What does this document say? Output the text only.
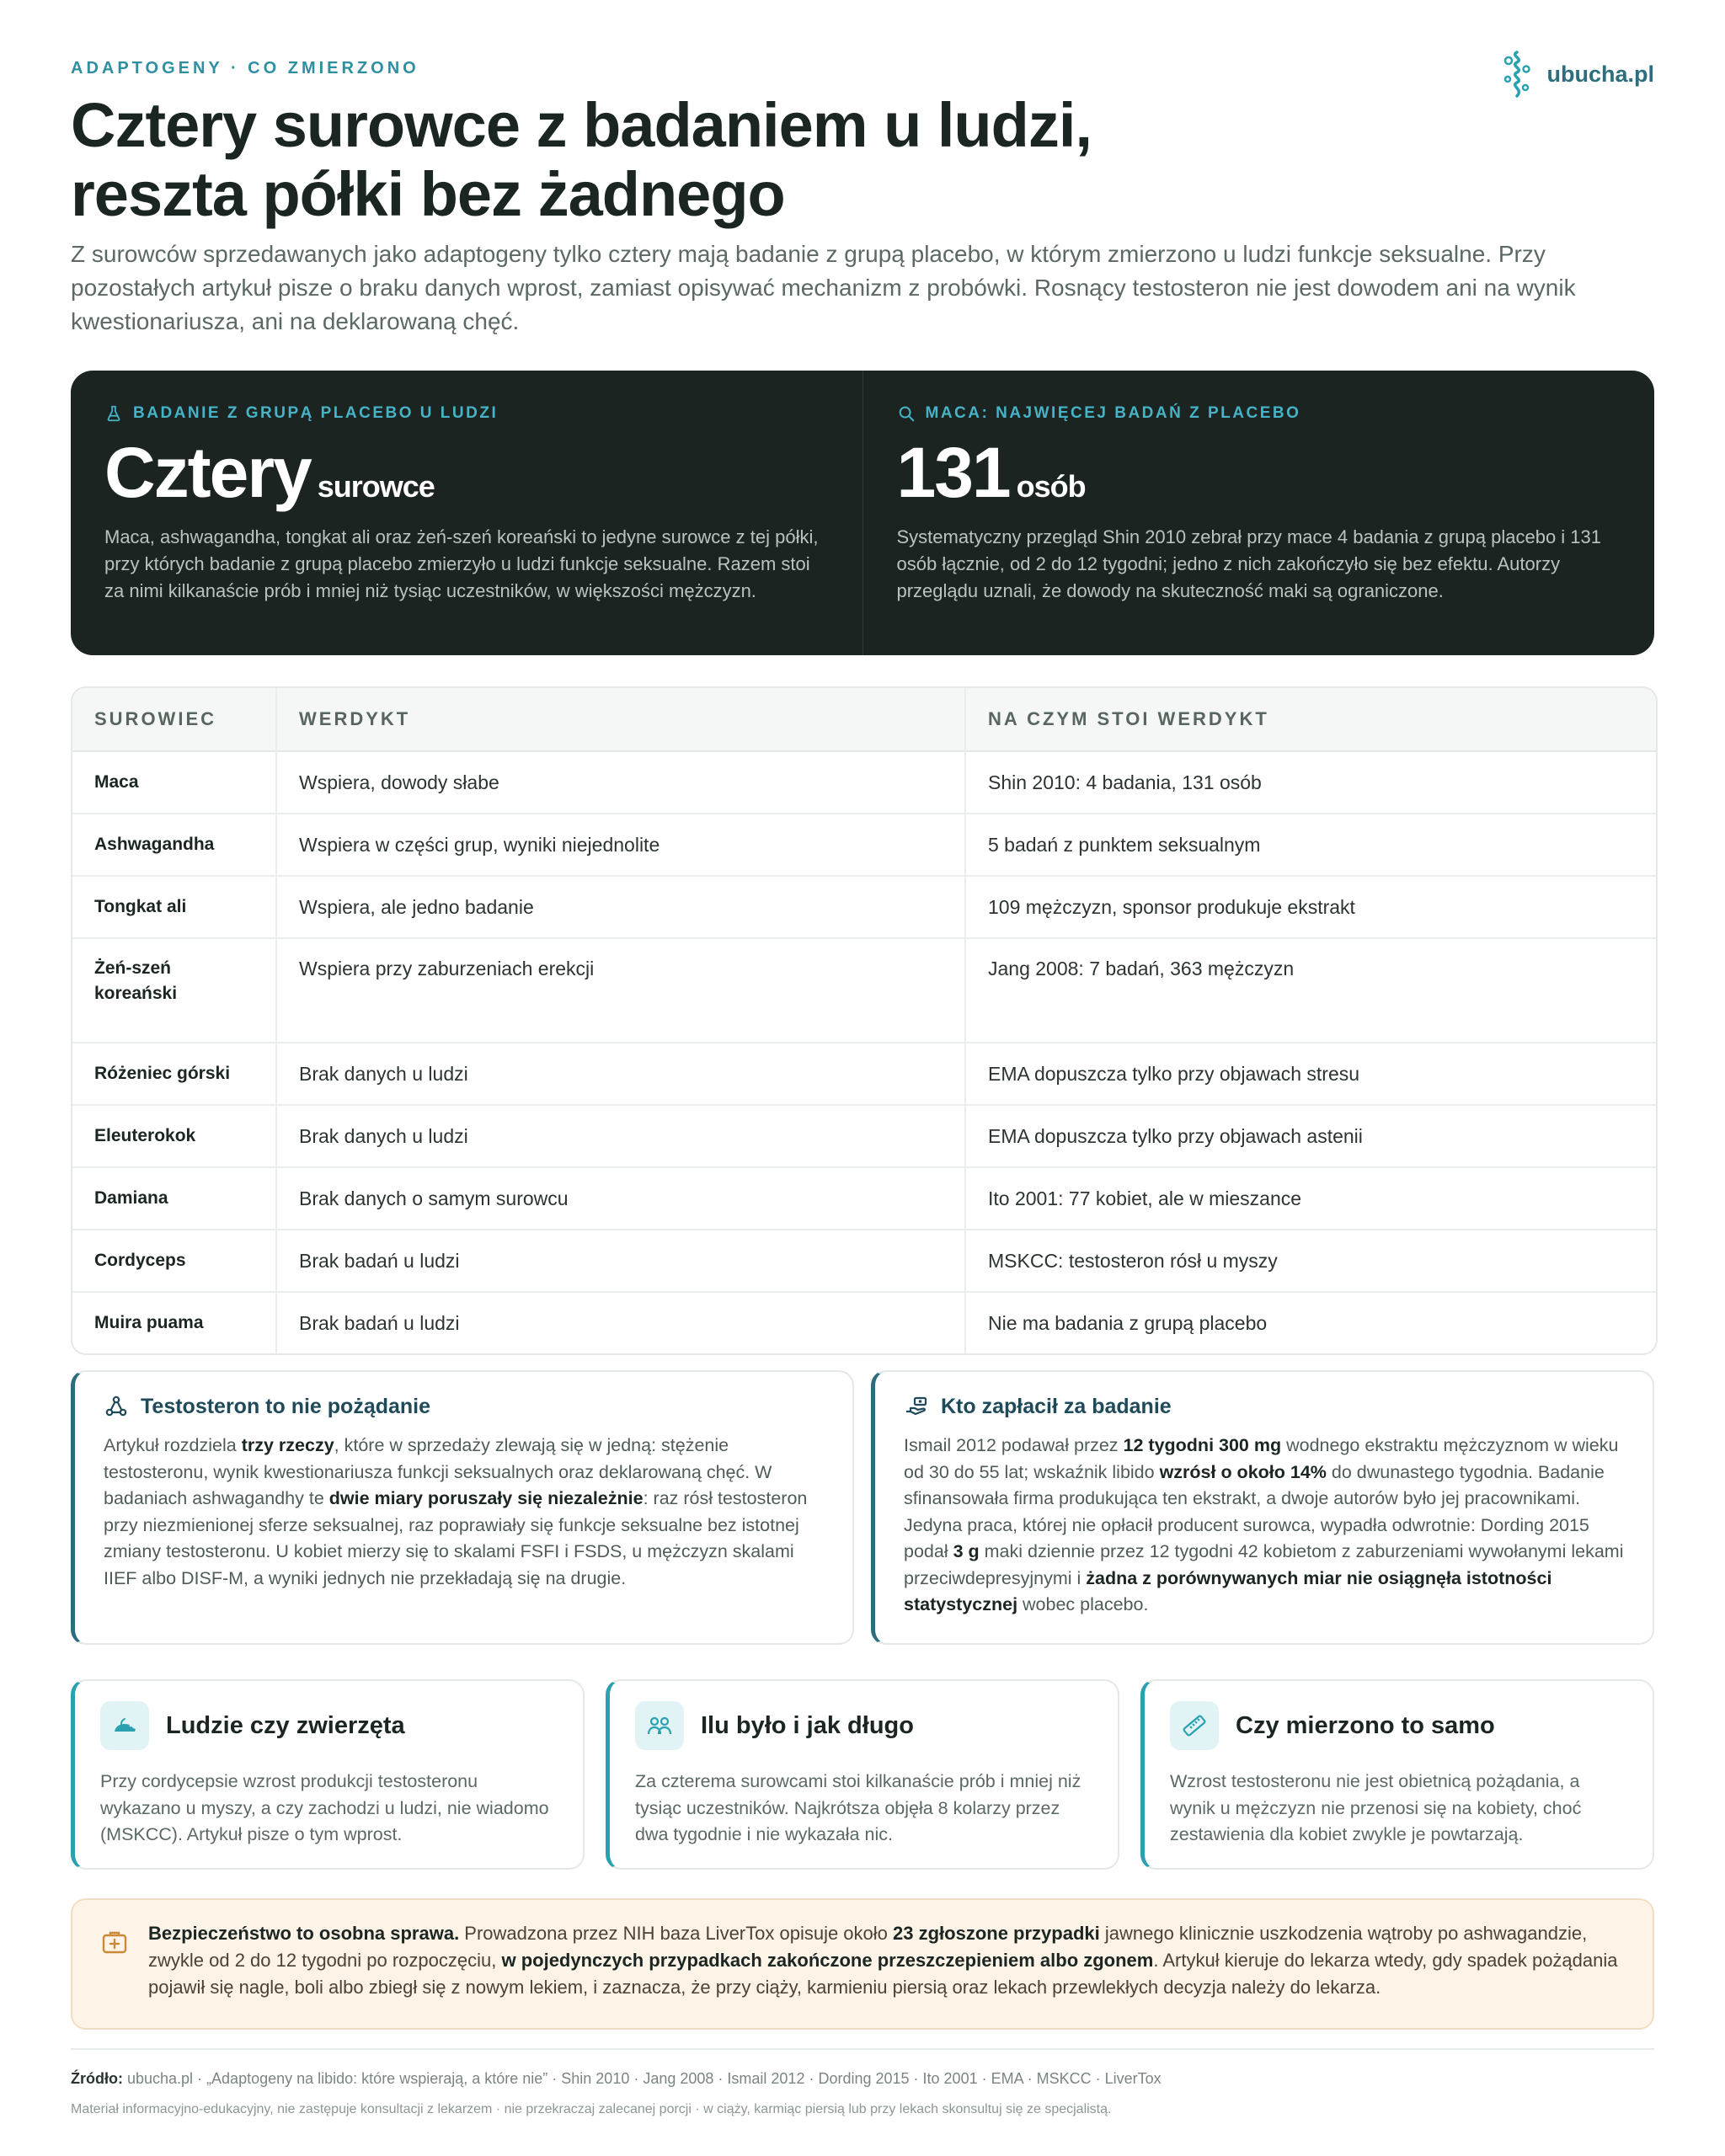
ADAPTOGENY · CO ZMIERZONO	ubucha.pl
Cztery surowce z badaniem u ludzi,
reszta półki bez żadnego

Z surowców sprzedawanych jako adaptogeny tylko cztery mają badanie z grupą placebo, w którym zmierzono u ludzi funkcje seksualne. Przy pozostałych artykuł pisze o braku danych wprost, zamiast opisywać mechanizm z probówki. Rosnący testosteron nie jest dowodem ani na wynik kwestionariusza, ani na deklarowaną chęć.

BADANIE Z GRUPĄ PLACEBO U LUDZI
Cztery surowce
Maca, ashwagandha, tongkat ali oraz żeń-szeń koreański to jedyne surowce z tej półki, przy których badanie z grupą placebo zmierzyło u ludzi funkcje seksualne. Razem stoi za nimi kilkanaście prób i mniej niż tysiąc uczestników, w większości mężczyzn.
MACA: NAJWIĘCEJ BADAŃ Z PLACEBO
131 osób
Systematyczny przegląd Shin 2010 zebrał przy mace 4 badania z grupą placebo i 131 osób łącznie, od 2 do 12 tygodni; jedno z nich zakończyło się bez efektu. Autorzy przeglądu uznali, że dowody na skuteczność maki są ograniczone.
SUROWIEC	WERDYKT	NA CZYM STOI WERDYKT
Maca	Wspiera, dowody słabe	Shin 2010: 4 badania, 131 osób
Ashwagandha	Wspiera w części grup, wyniki niejednolite	5 badań z punktem seksualnym
Tongkat ali	Wspiera, ale jedno badanie	109 mężczyzn, sponsor produkuje ekstrakt
Żeń-szeń koreański	Wspiera przy zaburzeniach erekcji	Jang 2008: 7 badań, 363 mężczyzn
Różeniec górski	Brak danych u ludzi	EMA dopuszcza tylko przy objawach stresu
Eleuterokok	Brak danych u ludzi	EMA dopuszcza tylko przy objawach astenii
Damiana	Brak danych o samym surowcu	Ito 2001: 77 kobiet, ale w mieszance
Cordyceps	Brak badań u ludzi	MSKCC: testosteron rósł u myszy
Muira puama	Brak badań u ludzi	Nie ma badania z grupą placebo
Testosteron to nie pożądanie
Artykuł rozdziela trzy rzeczy, które w sprzedaży zlewają się w jedną: stężenie testosteronu, wynik kwestionariusza funkcji seksualnych oraz deklarowaną chęć. W badaniach ashwagandhy te dwie miary poruszały się niezależnie: raz rósł testosteron przy niezmienionej sferze seksualnej, raz poprawiały się funkcje seksualne bez istotnej zmiany testosteronu. U kobiet mierzy się to skalami FSFI i FSDS, u mężczyzn skalami IIEF albo DISF-M, a wyniki jednych nie przekładają się na drugie.
Kto zapłacił za badanie
Ismail 2012 podawał przez 12 tygodni 300 mg wodnego ekstraktu mężczyznom w wieku od 30 do 55 lat; wskaźnik libido wzrósł o około 14% do dwunastego tygodnia. Badanie sfinansowała firma produkująca ten ekstrakt, a dwoje autorów było jej pracownikami. Jedyna praca, której nie opłacił producent surowca, wypadła odwrotnie: Dording 2015 podał 3 g maki dziennie przez 12 tygodni 42 kobietom z zaburzeniami wywołanymi lekami przeciwdepresyjnymi i żadna z porównywanych miar nie osiągnęła istotności statystycznej wobec placebo.
Ludzie czy zwierzęta
Przy cordycepsie wzrost produkcji testosteronu wykazano u myszy, a czy zachodzi u ludzi, nie wiadomo (MSKCC). Artykuł pisze o tym wprost.
Ilu było i jak długo
Za czterema surowcami stoi kilkanaście prób i mniej niż tysiąc uczestników. Najkrótsza objęła 8 kolarzy przez dwa tygodnie i nie wykazała nic.
Czy mierzono to samo
Wzrost testosteronu nie jest obietnicą pożądania, a wynik u mężczyzn nie przenosi się na kobiety, choć zestawienia dla kobiet zwykle je powtarzają.
Bezpieczeństwo to osobna sprawa. Prowadzona przez NIH baza LiverTox opisuje około 23 zgłoszone przypadki jawnego klinicznie uszkodzenia wątroby po ashwagandzie, zwykle od 2 do 12 tygodni po rozpoczęciu, w pojedynczych przypadkach zakończone przeszczepieniem albo zgonem. Artykuł kieruje do lekarza wtedy, gdy spadek pożądania pojawił się nagle, boli albo zbiegł się z nowym lekiem, i zaznacza, że przy ciąży, karmieniu piersią oraz lekach przewlekłych decyzja należy do lekarza.
Źródło: ubucha.pl · „Adaptogeny na libido: które wspierają, a które nie” · Shin 2010 · Jang 2008 · Ismail 2012 · Dording 2015 · Ito 2001 · EMA · MSKCC · LiverTox
Materiał informacyjno-edukacyjny, nie zastępuje konsultacji z lekarzem · nie przekraczaj zalecanej porcji · w ciąży, karmiąc piersią lub przy lekach skonsultuj się ze specjalistą.
